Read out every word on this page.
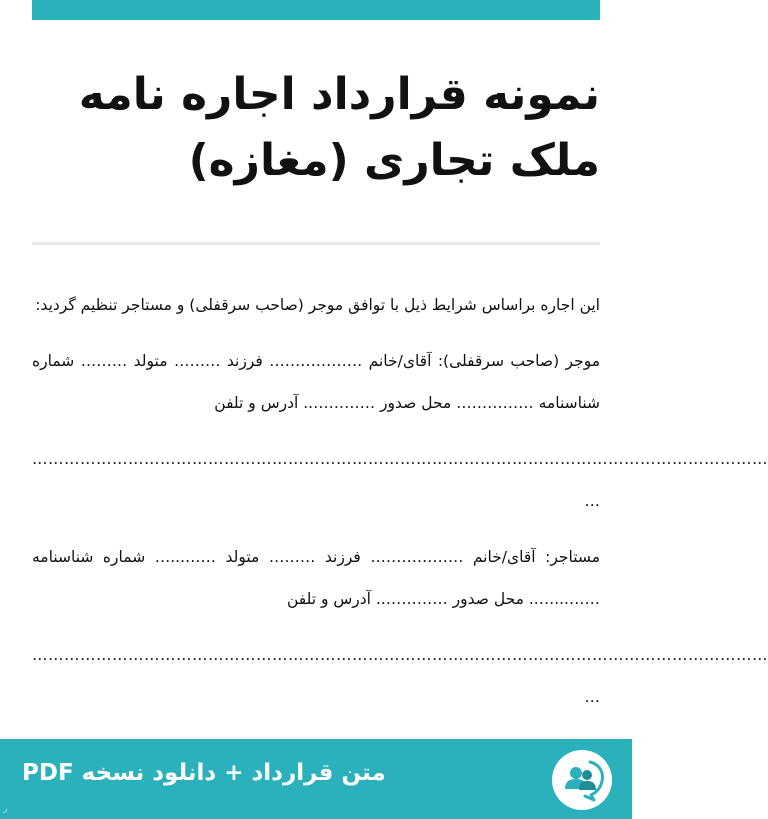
نمونه قرارداد اجاره نامه
ملک تجاری (مغازه)

این اجاره براساس شرایط ذیل با توافق موجر (صاحب سرقفلی) و مستاجر تنظیم گردید:

موجر (صاحب سرقفلی): آقای/خانم ……………… فرزند ……… متولد ……… شماره شناسنامه …………… محل صدور ………….. آدرس و تلفن

…………………………………………………………………………………………………………………………

…

مستاجر: آقای/خانم ……………… فرزند ……… متولد ……...… شماره شناسنامه ……...….. محل صدور ………….. آدرس و تلفن

…………………………………………………………………………………………………………………………

…

متن قرارداد + دانلود نسخه PDF
ر
